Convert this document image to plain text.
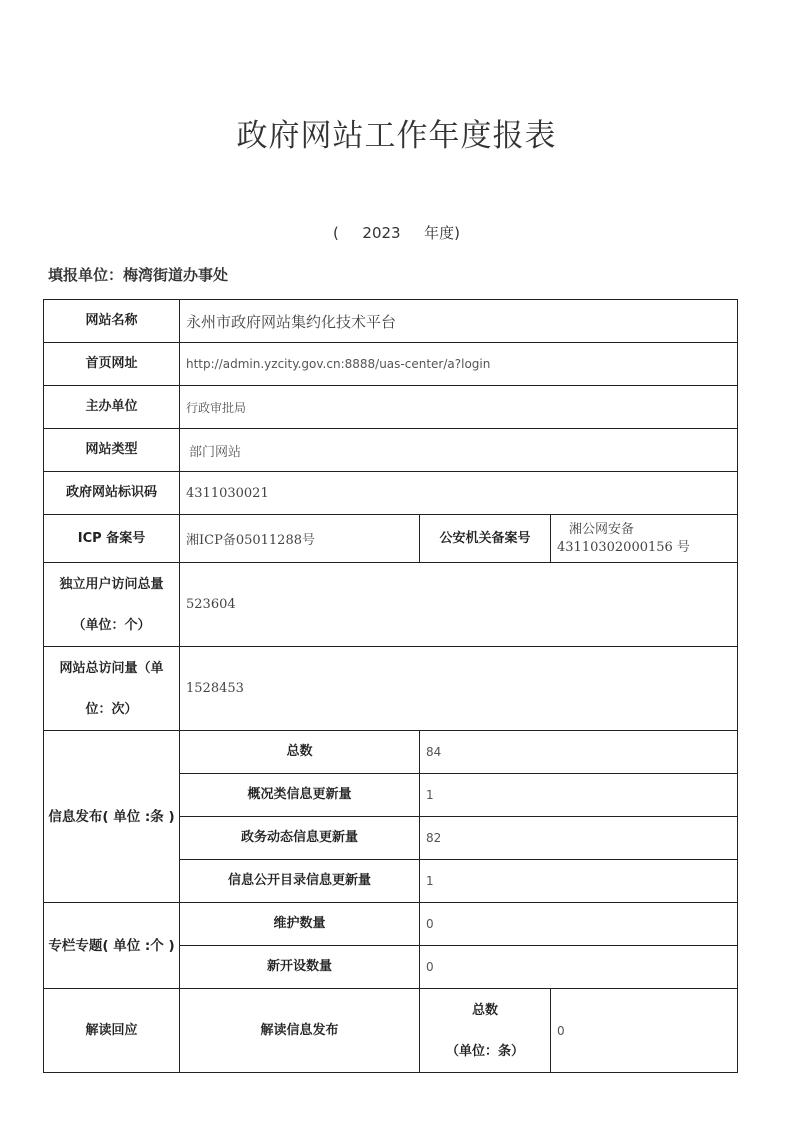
政府网站工作年度报表
( 2023 年度)
填报单位：梅湾街道办事处
网站名称	永州市政府网站集约化技术平台		
首页网址	http://admin.yzcity.gov.cn:8888/uas-center/a?login		
主办单位	行政审批局		
网站类型	部门网站		
政府网站标识码	4311030021		
ICP 备案号	湘ICP备05011288号	公安机关备案号	湘公网安备
43110302000156 号

独立用户访问总量
（单位：个）	523604		

网站总访问量（单
位：次）	1528453		
信息发布( 单位 :条 )	总数	84	
	概况类信息更新量	1	
	政务动态信息更新量	82	
	信息公开目录信息更新量	1	
专栏专题( 单位 :个 )	维护数量	0	
	新开设数量	0	
解读回应	解读信息发布	总数
（单位：条）	0
